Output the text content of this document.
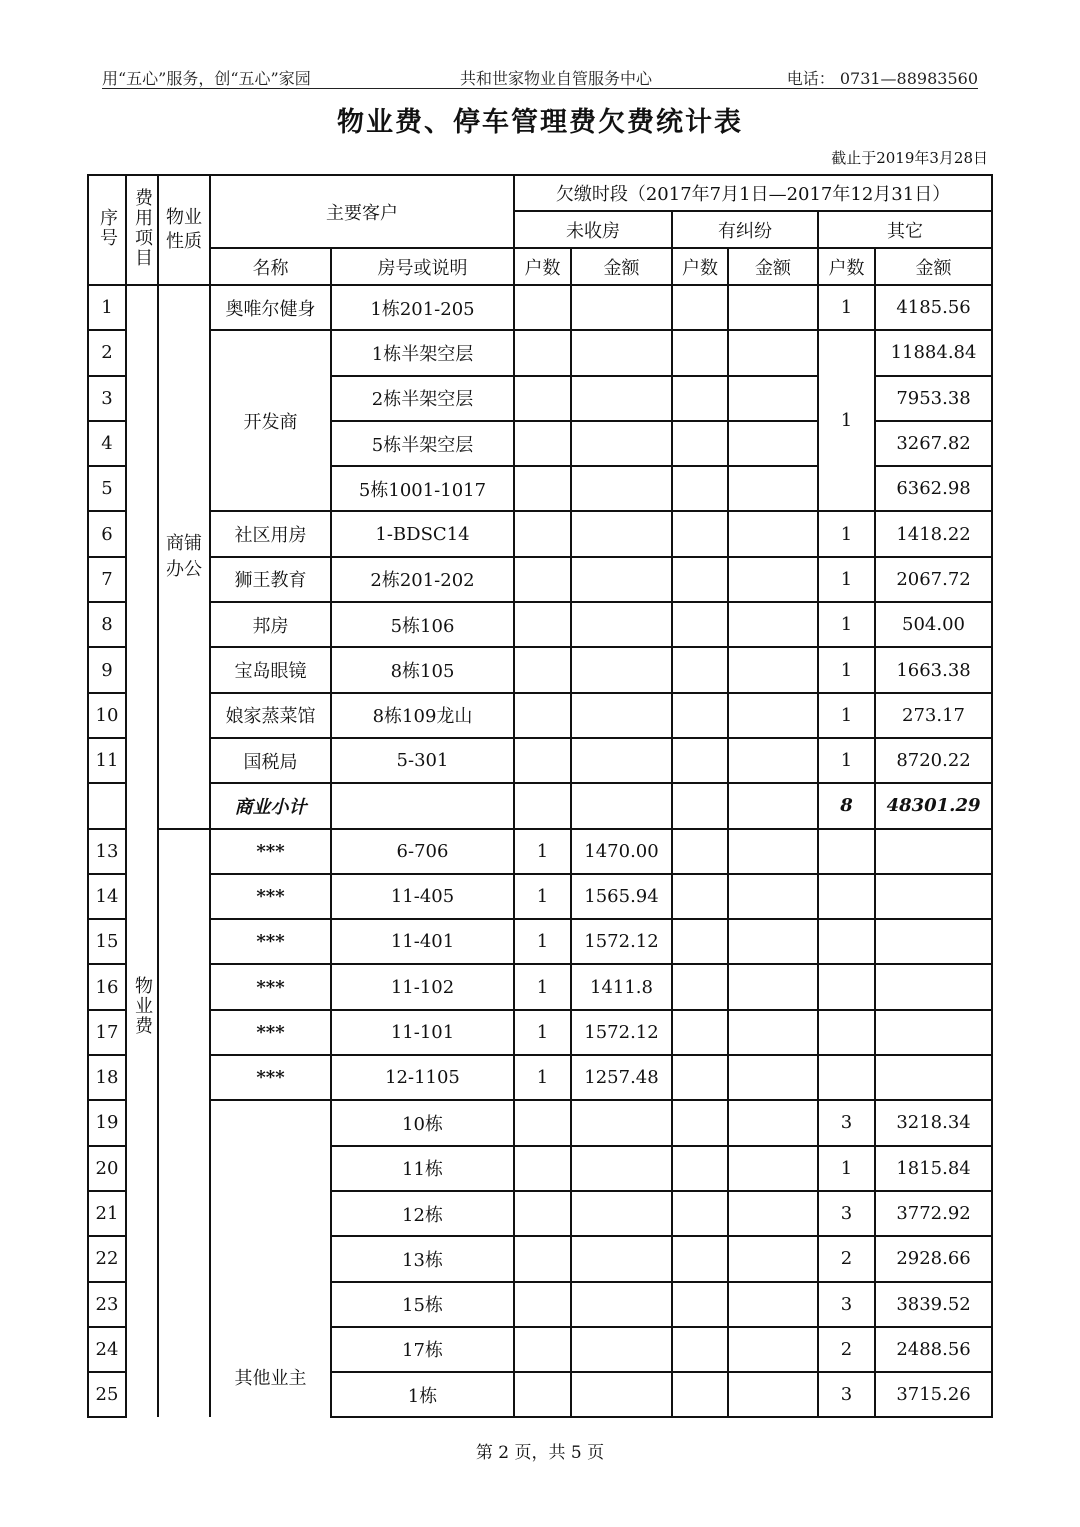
用“五心”服务，创“五心”家园	共和世家物业自管服务中心	电话： 0731—88983560
物业费、停车管理费欠费统计表
截止于2019年3月28日
序号	费用项目	物业性质	主要客户		欠缴时段（2017年7月1日—2017年12月31日）					
					未收房		有纠纷		其它	
			名称	房号或说明	户数	金额	户数	金额	户数	金额
1	物业费	商铺办公	奥唯尔健身	1栋201-205					1	4185.56
2			开发商	1栋半架空层					1	11884.84
3				2栋半架空层						7953.38
4				5栋半架空层						3267.82
5				5栋1001-1017						6362.98
6			社区用房	1-BDSC14					1	1418.22
7			狮王教育	2栋201-202					1	2067.72
8			邦房	5栋106					1	504.00
9			宝岛眼镜	8栋105					1	1663.38
10			娘家蒸菜馆	8栋109龙山					1	273.17
11			国税局	5-301					1	8720.22
			商业小计						8	48301.29
13			***	6-706	1	1470.00				
14			***	11-405	1	1565.94				
15			***	11-401	1	1572.12				
16			***	11-102	1	1411.8				
17			***	11-101	1	1572.12				
18			***	12-1105	1	1257.48				
19			其他业主	10栋					3	3218.34
20				11栋					1	1815.84
21				12栋					3	3772.92
22				13栋					2	2928.66
23				15栋					3	3839.52
24				17栋					2	2488.56
25				1栋					3	3715.26
第 2 页，共 5 页
